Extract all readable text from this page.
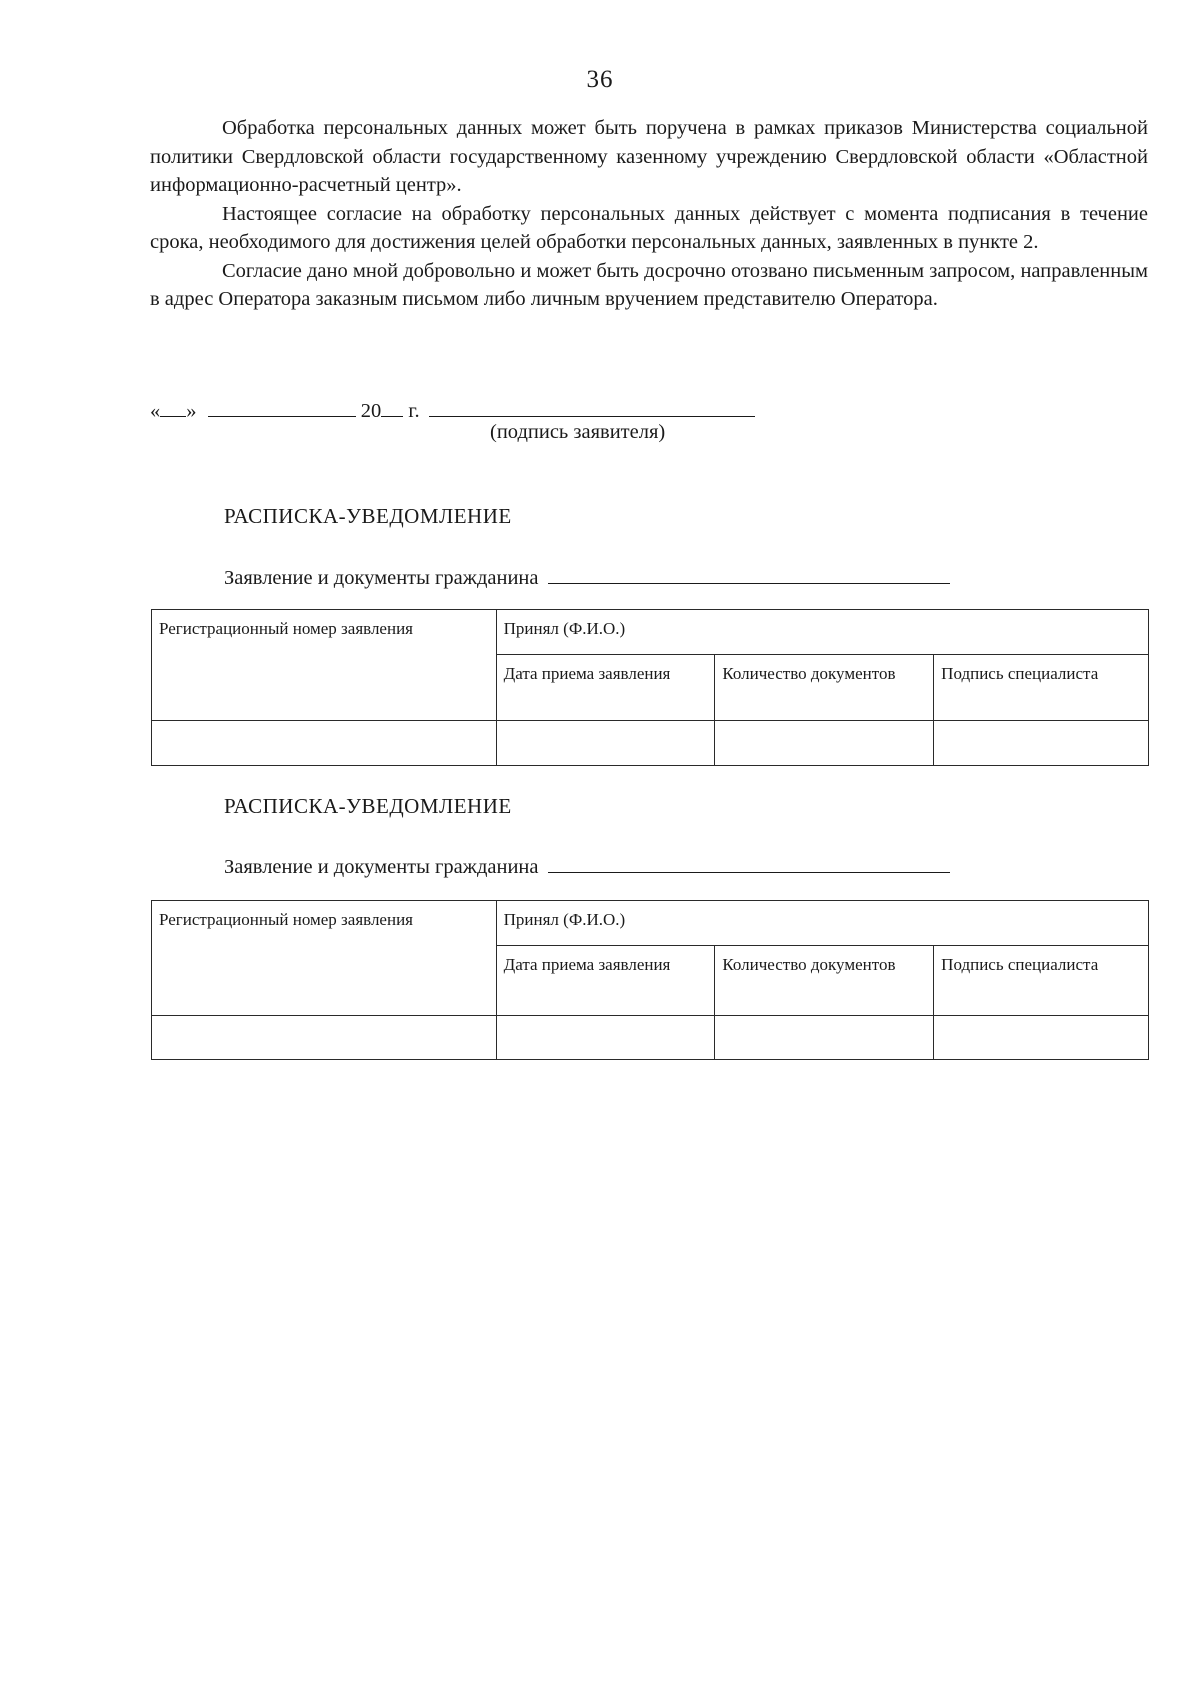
36

Обработка персональных данных может быть поручена в рамках приказов Министерства социальной политики Свердловской области государственному казенному учреждению Свердловской области «Областной информационно-расчетный центр».

Настоящее согласие на обработку персональных данных действует с момента подписания в течение срока, необходимого для достижения целей обработки персональных данных, заявленных в пункте 2.

Согласие дано мной добровольно и может быть досрочно отозвано письменным запросом, направленным в адрес Оператора заказным письмом либо личным вручением представителю Оператора.

« »	20 г.
(подпись заявителя)
РАСПИСКА-УВЕДОМЛЕНИЕ
Заявление и документы гражданина
Регистрационный номер заявления	Принял (Ф.И.О.)		
	Дата приема заявления	Количество документов	Подпись специалиста

РАСПИСКА-УВЕДОМЛЕНИЕ
Заявление и документы гражданина
Регистрационный номер заявления	Принял (Ф.И.О.)		
	Дата приема заявления	Количество документов	Подпись специалиста
